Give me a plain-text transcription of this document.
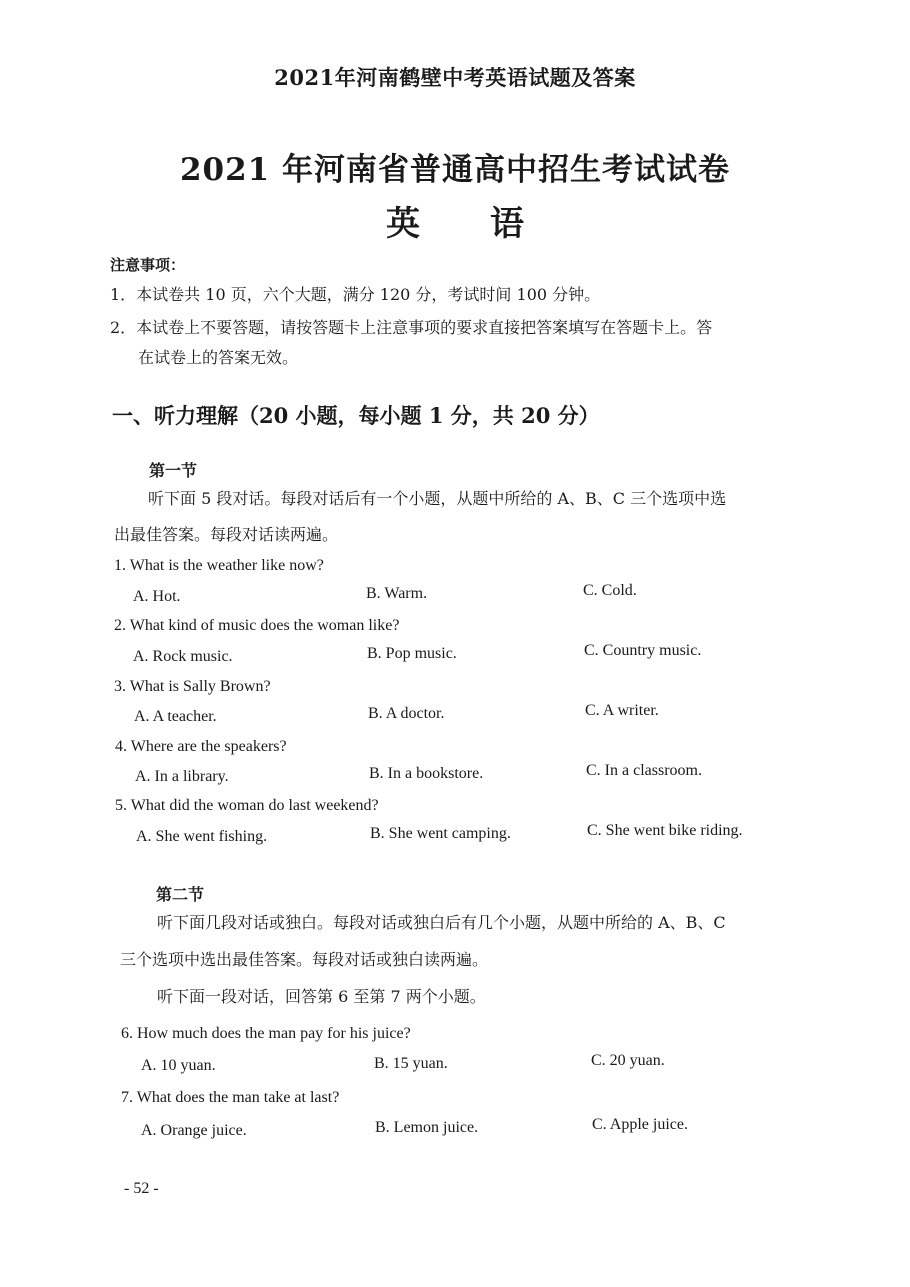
2021年河南鹤壁中考英语试题及答案
2021 年河南省普通高中招生考试试卷
英语
注意事项：
1．本试卷共 10 页，六个大题，满分 120 分，考试时间 100 分钟。
2．本试卷上不要答题，请按答题卡上注意事项的要求直接把答案填写在答题卡上。答
在试卷上的答案无效。
一、听力理解（20 小题，每小题 1 分，共 20 分）
第一节
听下面 5 段对话。每段对话后有一个小题，从题中所给的 A、B、C 三个选项中选
出最佳答案。每段对话读两遍。
1. What is the weather like now?
A. Hot.	B. Warm.	C. Cold.
2. What kind of music does the woman like?
A. Rock music.	B. Pop music.	C. Country music.
3. What is Sally Brown?
A. A teacher.	B. A doctor.	C. A writer.
4. Where are the speakers?
A. In a library.	B. In a bookstore.	C. In a classroom.
5. What did the woman do last weekend?
A. She went fishing.	B. She went camping.	C. She went bike riding.
第二节
听下面几段对话或独白。每段对话或独白后有几个小题，从题中所给的 A、B、C
三个选项中选出最佳答案。每段对话或独白读两遍。
听下面一段对话，回答第 6 至第 7 两个小题。
6. How much does the man pay for his juice?
A. 10 yuan.	B. 15 yuan.	C. 20 yuan.
7. What does the man take at last?
A. Orange juice.	B. Lemon juice.	C. Apple juice.
- 52 -
